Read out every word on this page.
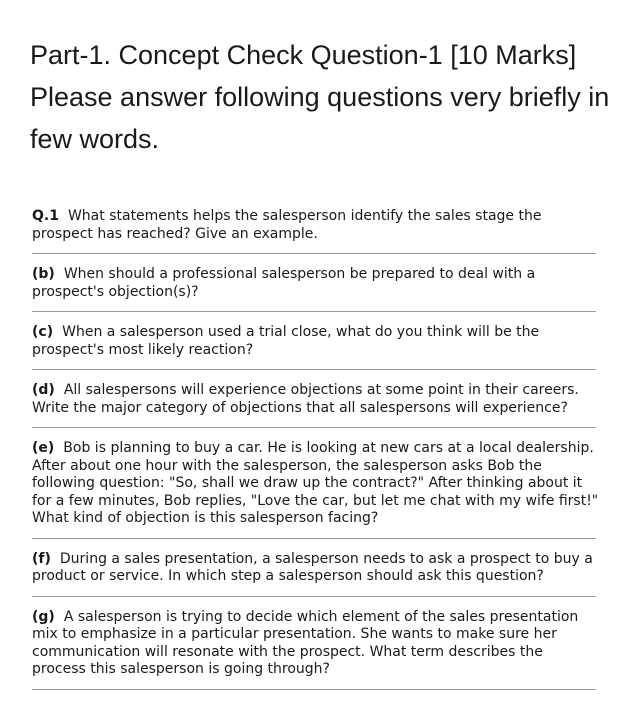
Part-1. Concept Check Question-1 [10 Marks] Please answer following questions very briefly in few words.
Q.1 What statements helps the salesperson identify the sales stage the prospect has reached? Give an example.
(b) When should a professional salesperson be prepared to deal with a prospect's objection(s)?
(c) When a salesperson used a trial close, what do you think will be the prospect's most likely reaction?
(d) All salespersons will experience objections at some point in their careers. Write the major category of objections that all salespersons will experience?
(e) Bob is planning to buy a car. He is looking at new cars at a local dealership. After about one hour with the salesperson, the salesperson asks Bob the following question: "So, shall we draw up the contract?" After thinking about it for a few minutes, Bob replies, "Love the car, but let me chat with my wife first!" What kind of objection is this salesperson facing?
(f) During a sales presentation, a salesperson needs to ask a prospect to buy a product or service. In which step a salesperson should ask this question?
(g) A salesperson is trying to decide which element of the sales presentation mix to emphasize in a particular presentation. She wants to make sure her communication will resonate with the prospect. What term describes the process this salesperson is going through?
